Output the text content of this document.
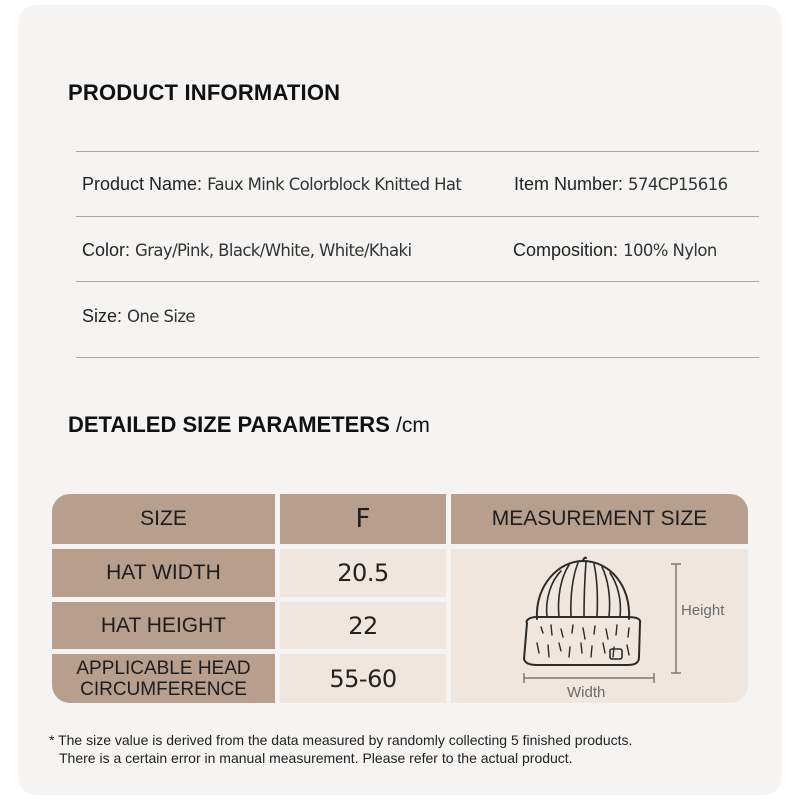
PRODUCT INFORMATION
Product Name: Faux Mink Colorblock Knitted Hat	Item Number: 574CP15616
Color: Gray/Pink, Black/White, White/Khaki	Composition: 100% Nylon
Size: One Size
DETAILED SIZE PARAMETERS /cm
SIZE	F	MEASUREMENT SIZE
HAT WIDTH	20.5
HAT HEIGHT	22
APPLICABLE HEAD
CIRCUMFERENCE	55-60
Height
Width
* The size value is derived from the data measured by randomly collecting 5 finished products.
There is a certain error in manual measurement. Please refer to the actual product.
